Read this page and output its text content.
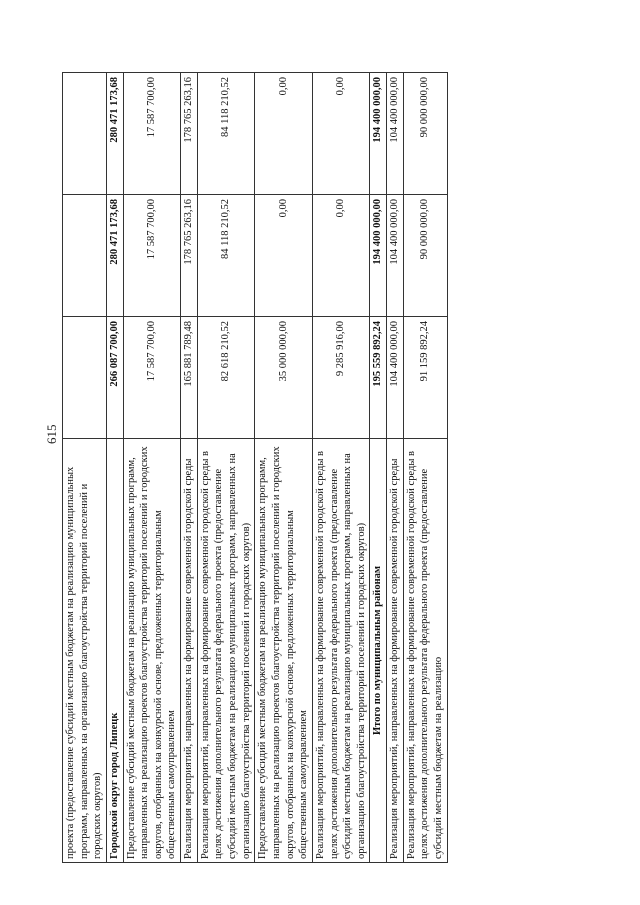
615
проекта (предоставление субсидий местным бюджетам на реализацию муниципальных программ, направленных на организацию благоустройства территорий поселений и городских округов)			
Городской округ город Липецк	266 087 700,00	280 471 173,68	280 471 173,68
Предоставление субсидий местным бюджетам на реализацию муниципальных программ, направленных на реализацию проектов благоустройства территорий поселений и городских округов, отобранных на конкурсной основе, предложенных территориальным общественным самоуправлением	17 587 700,00	17 587 700,00	17 587 700,00
Реализация мероприятий, направленных на формирование современной городской среды	165 881 789,48	178 765 263,16	178 765 263,16
Реализация мероприятий, направленных на формирование современной городской среды в целях достижения дополнительного результата федерального проекта (предоставление субсидий местным бюджетам на реализацию муниципальных программ, направленных на организацию благоустройства территорий поселений и городских округов)	82 618 210,52	84 118 210,52	84 118 210,52
Предоставление субсидий местным бюджетам на реализацию муниципальных программ, направленных на реализацию проектов благоустройства территорий поселений и городских округов, отобранных на конкурсной основе, предложенных территориальным общественным самоуправлением	35 000 000,00	0,00	0,00
Реализация мероприятий, направленных на формирование современной городской среды в целях достижения дополнительного результата федерального проекта (предоставление субсидий местным бюджетам на реализацию муниципальных программ, направленных на организацию благоустройства территорий поселений и городских округов)	9 285 916,00	0,00	0,00
Итого по муниципальным районам	195 559 892,24	194 400 000,00	194 400 000,00
Реализация мероприятий, направленных на формирование современной городской среды	104 400 000,00	104 400 000,00	104 400 000,00
Реализация мероприятий, направленных на формирование современной городской среды в целях достижения дополнительного результата федерального проекта (предоставление субсидий местным бюджетам на реализацию	91 159 892,24	90 000 000,00	90 000 000,00
